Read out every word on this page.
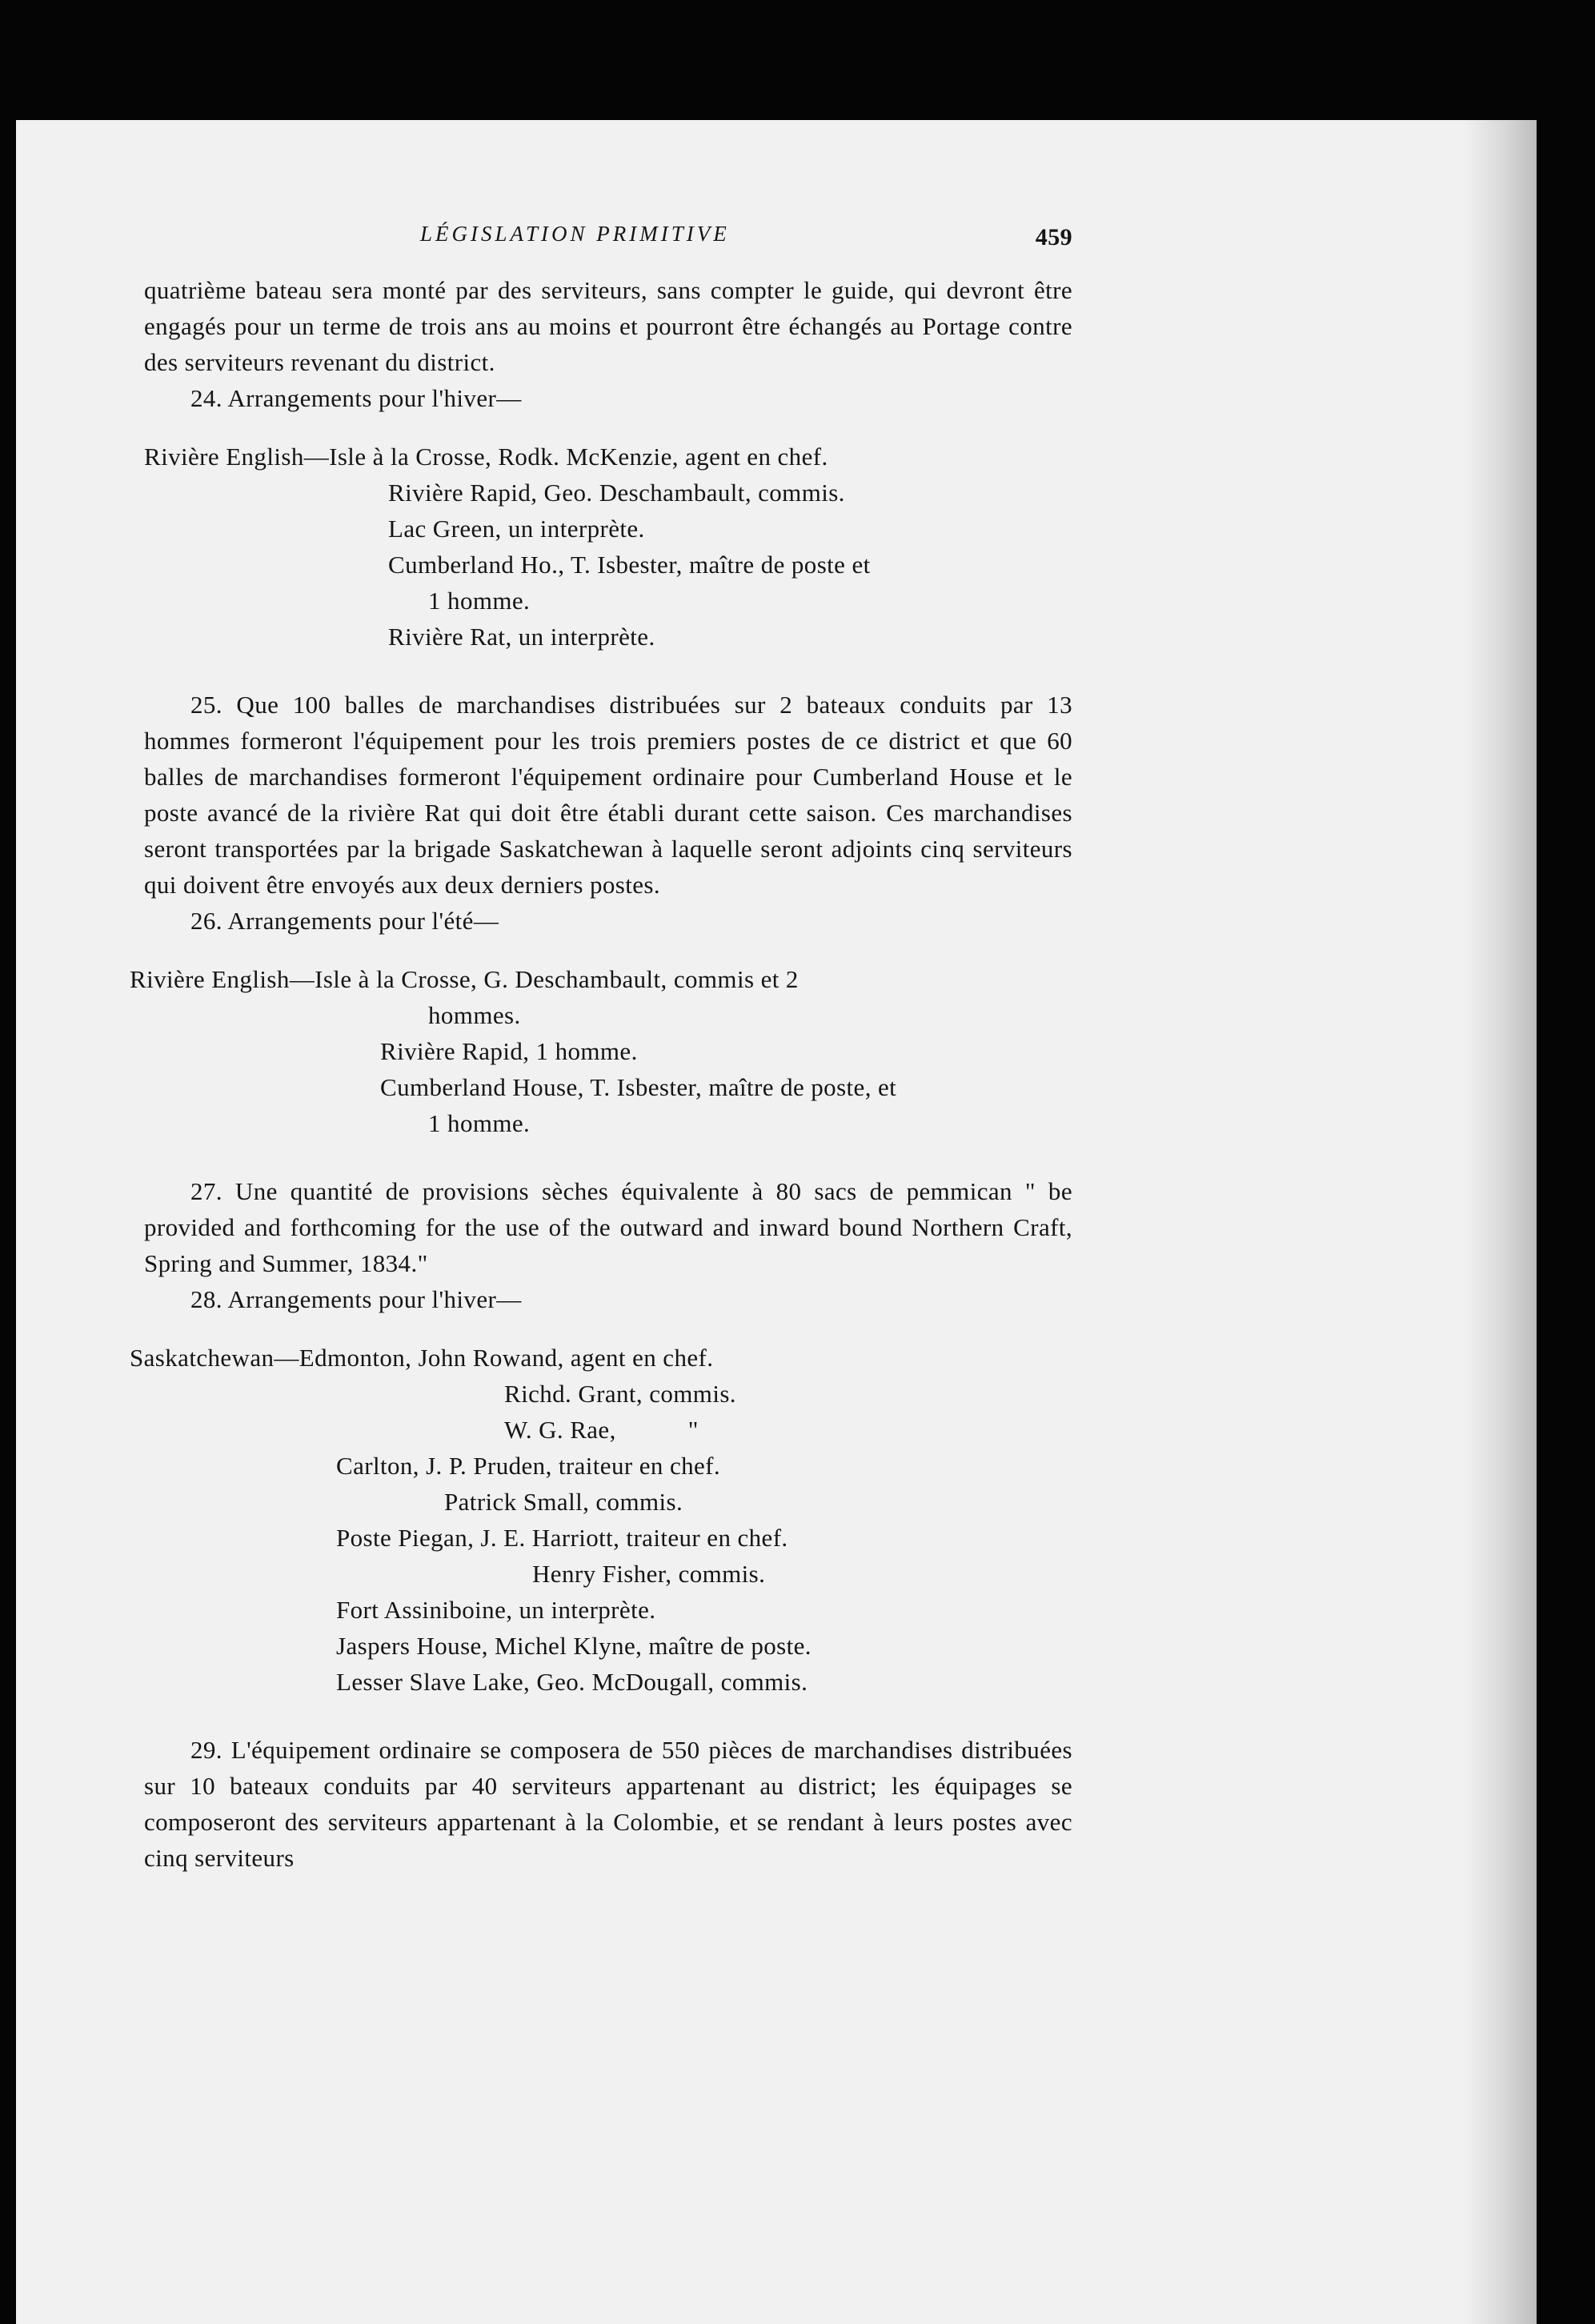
LÉGISLATION PRIMITIVE	459

quatrième bateau sera monté par des serviteurs, sans compter le guide, qui devront être engagés pour un terme de trois ans au moins et pourront être échangés au Portage contre des serviteurs revenant du district.

24. Arrangements pour l'hiver—

Rivière English—Isle à la Crosse, Rodk. McKenzie, agent en chef.

Rivière Rapid, Geo. Deschambault, commis.

Lac Green, un interprète.

Cumberland Ho., T. Isbester, maître de poste et

1 homme.

Rivière Rat, un interprète.

25. Que 100 balles de marchandises distribuées sur 2 bateaux conduits par 13 hommes formeront l'équipement pour les trois premiers postes de ce district et que 60 balles de marchandises formeront l'équipement ordinaire pour Cumberland House et le poste avancé de la rivière Rat qui doit être établi durant cette saison. Ces marchandises seront transportées par la brigade Saskatchewan à laquelle seront adjoints cinq serviteurs qui doivent être envoyés aux deux derniers postes.

26. Arrangements pour l'été—

Rivière English—Isle à la Crosse, G. Deschambault, commis et 2

hommes.

Rivière Rapid, 1 homme.

Cumberland House, T. Isbester, maître de poste, et

1 homme.

27. Une quantité de provisions sèches équivalente à 80 sacs de pemmican " be provided and forthcoming for the use of the outward and inward bound Northern Craft, Spring and Summer, 1834."

28. Arrangements pour l'hiver—

Saskatchewan—Edmonton, John Rowand, agent en chef.

Richd. Grant, commis.

W. G. Rae,	"

Carlton, J. P. Pruden, traiteur en chef.

Patrick Small, commis.

Poste Piegan, J. E. Harriott, traiteur en chef.

Henry Fisher, commis.

Fort Assiniboine, un interprète.

Jaspers House, Michel Klyne, maître de poste.

Lesser Slave Lake, Geo. McDougall, commis.

29. L'équipement ordinaire se composera de 550 pièces de marchandises distribuées sur 10 bateaux conduits par 40 serviteurs appartenant au district; les équipages se composeront des serviteurs appartenant à la Colombie, et se rendant à leurs postes avec cinq serviteurs
